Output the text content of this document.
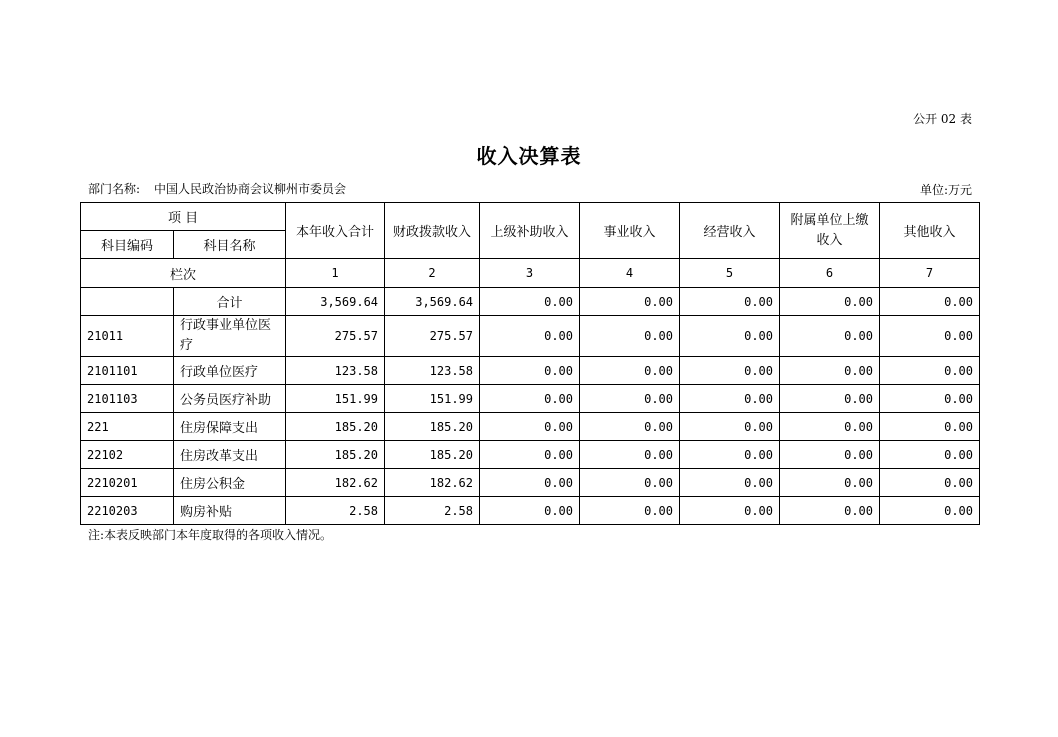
公开 02 表
收入决算表
部门名称: 中国人民政治协商会议柳州市委员会	单位:万元
项 目		本年收入合计	财政拨款收入	上级补助收入	事业收入	经营收入	附属单位上缴收入	其他收入
科目编码	科目名称							
栏次		1	2	3	4	5	6	7
	合计	3,569.64	3,569.64	0.00	0.00	0.00	0.00	0.00
21011	行政事业单位医疗	275.57	275.57	0.00	0.00	0.00	0.00	0.00
2101101	行政单位医疗	123.58	123.58	0.00	0.00	0.00	0.00	0.00
2101103	公务员医疗补助	151.99	151.99	0.00	0.00	0.00	0.00	0.00
221	住房保障支出	185.20	185.20	0.00	0.00	0.00	0.00	0.00
22102	住房改革支出	185.20	185.20	0.00	0.00	0.00	0.00	0.00
2210201	住房公积金	182.62	182.62	0.00	0.00	0.00	0.00	0.00
2210203	购房补贴	2.58	2.58	0.00	0.00	0.00	0.00	0.00
注:本表反映部门本年度取得的各项收入情况。
